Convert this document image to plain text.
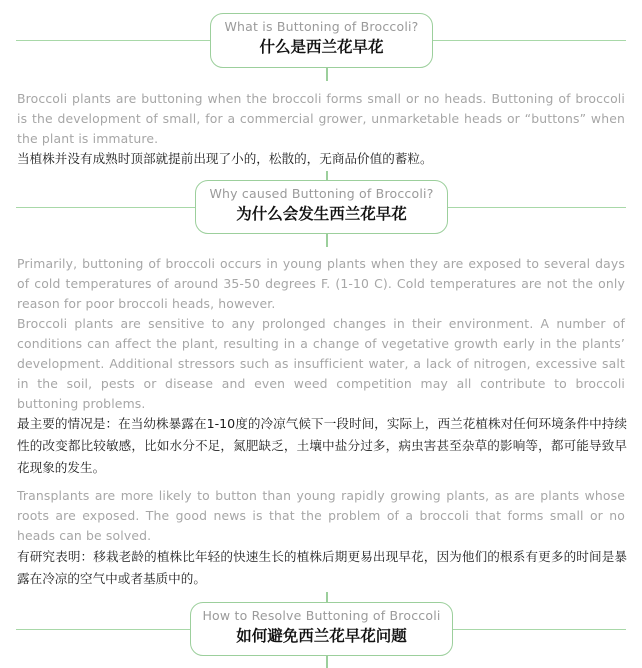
What is Buttoning of Broccoli?
什么是西兰花早花

Broccoli plants are buttoning when the broccoli forms small or no heads. Buttoning of broccoli is the development of small, for a commercial grower, unmarketable heads or “buttons” when the plant is immature.

当植株并没有成熟时顶部就提前出现了小的，松散的，无商品价值的蓄粒。

Why caused Buttoning of Broccoli?
为什么会发生西兰花早花

Primarily, buttoning of broccoli occurs in young plants when they are exposed to several days of cold temperatures of around 35-50 degrees F. (1-10 C). Cold temperatures are not the only reason for poor broccoli heads, however.

Broccoli plants are sensitive to any prolonged changes in their environment. A number of conditions can affect the plant, resulting in a change of vegetative growth early in the plants’ development. Additional stressors such as insufficient water, a lack of nitrogen, excessive salt in the soil, pests or disease and even weed competition may all contribute to broccoli buttoning problems.

最主要的情况是：在当幼株暴露在1-10度的冷凉气候下一段时间，实际上，西兰花植株对任何环境条件中持续性的改变都比较敏感，比如水分不足，氮肥缺乏，土壤中盐分过多，病虫害甚至杂草的影响等，都可能导致早花现象的发生。

Transplants are more likely to button than young rapidly growing plants, as are plants whose roots are exposed. The good news is that the problem of a broccoli that forms small or no heads can be solved.

有研究表明：移栽老龄的植株比年轻的快速生长的植株后期更易出现早花，因为他们的根系有更多的时间是暴露在冷凉的空气中或者基质中的。

How to Resolve Buttoning of Broccoli
如何避免西兰花早花问题
